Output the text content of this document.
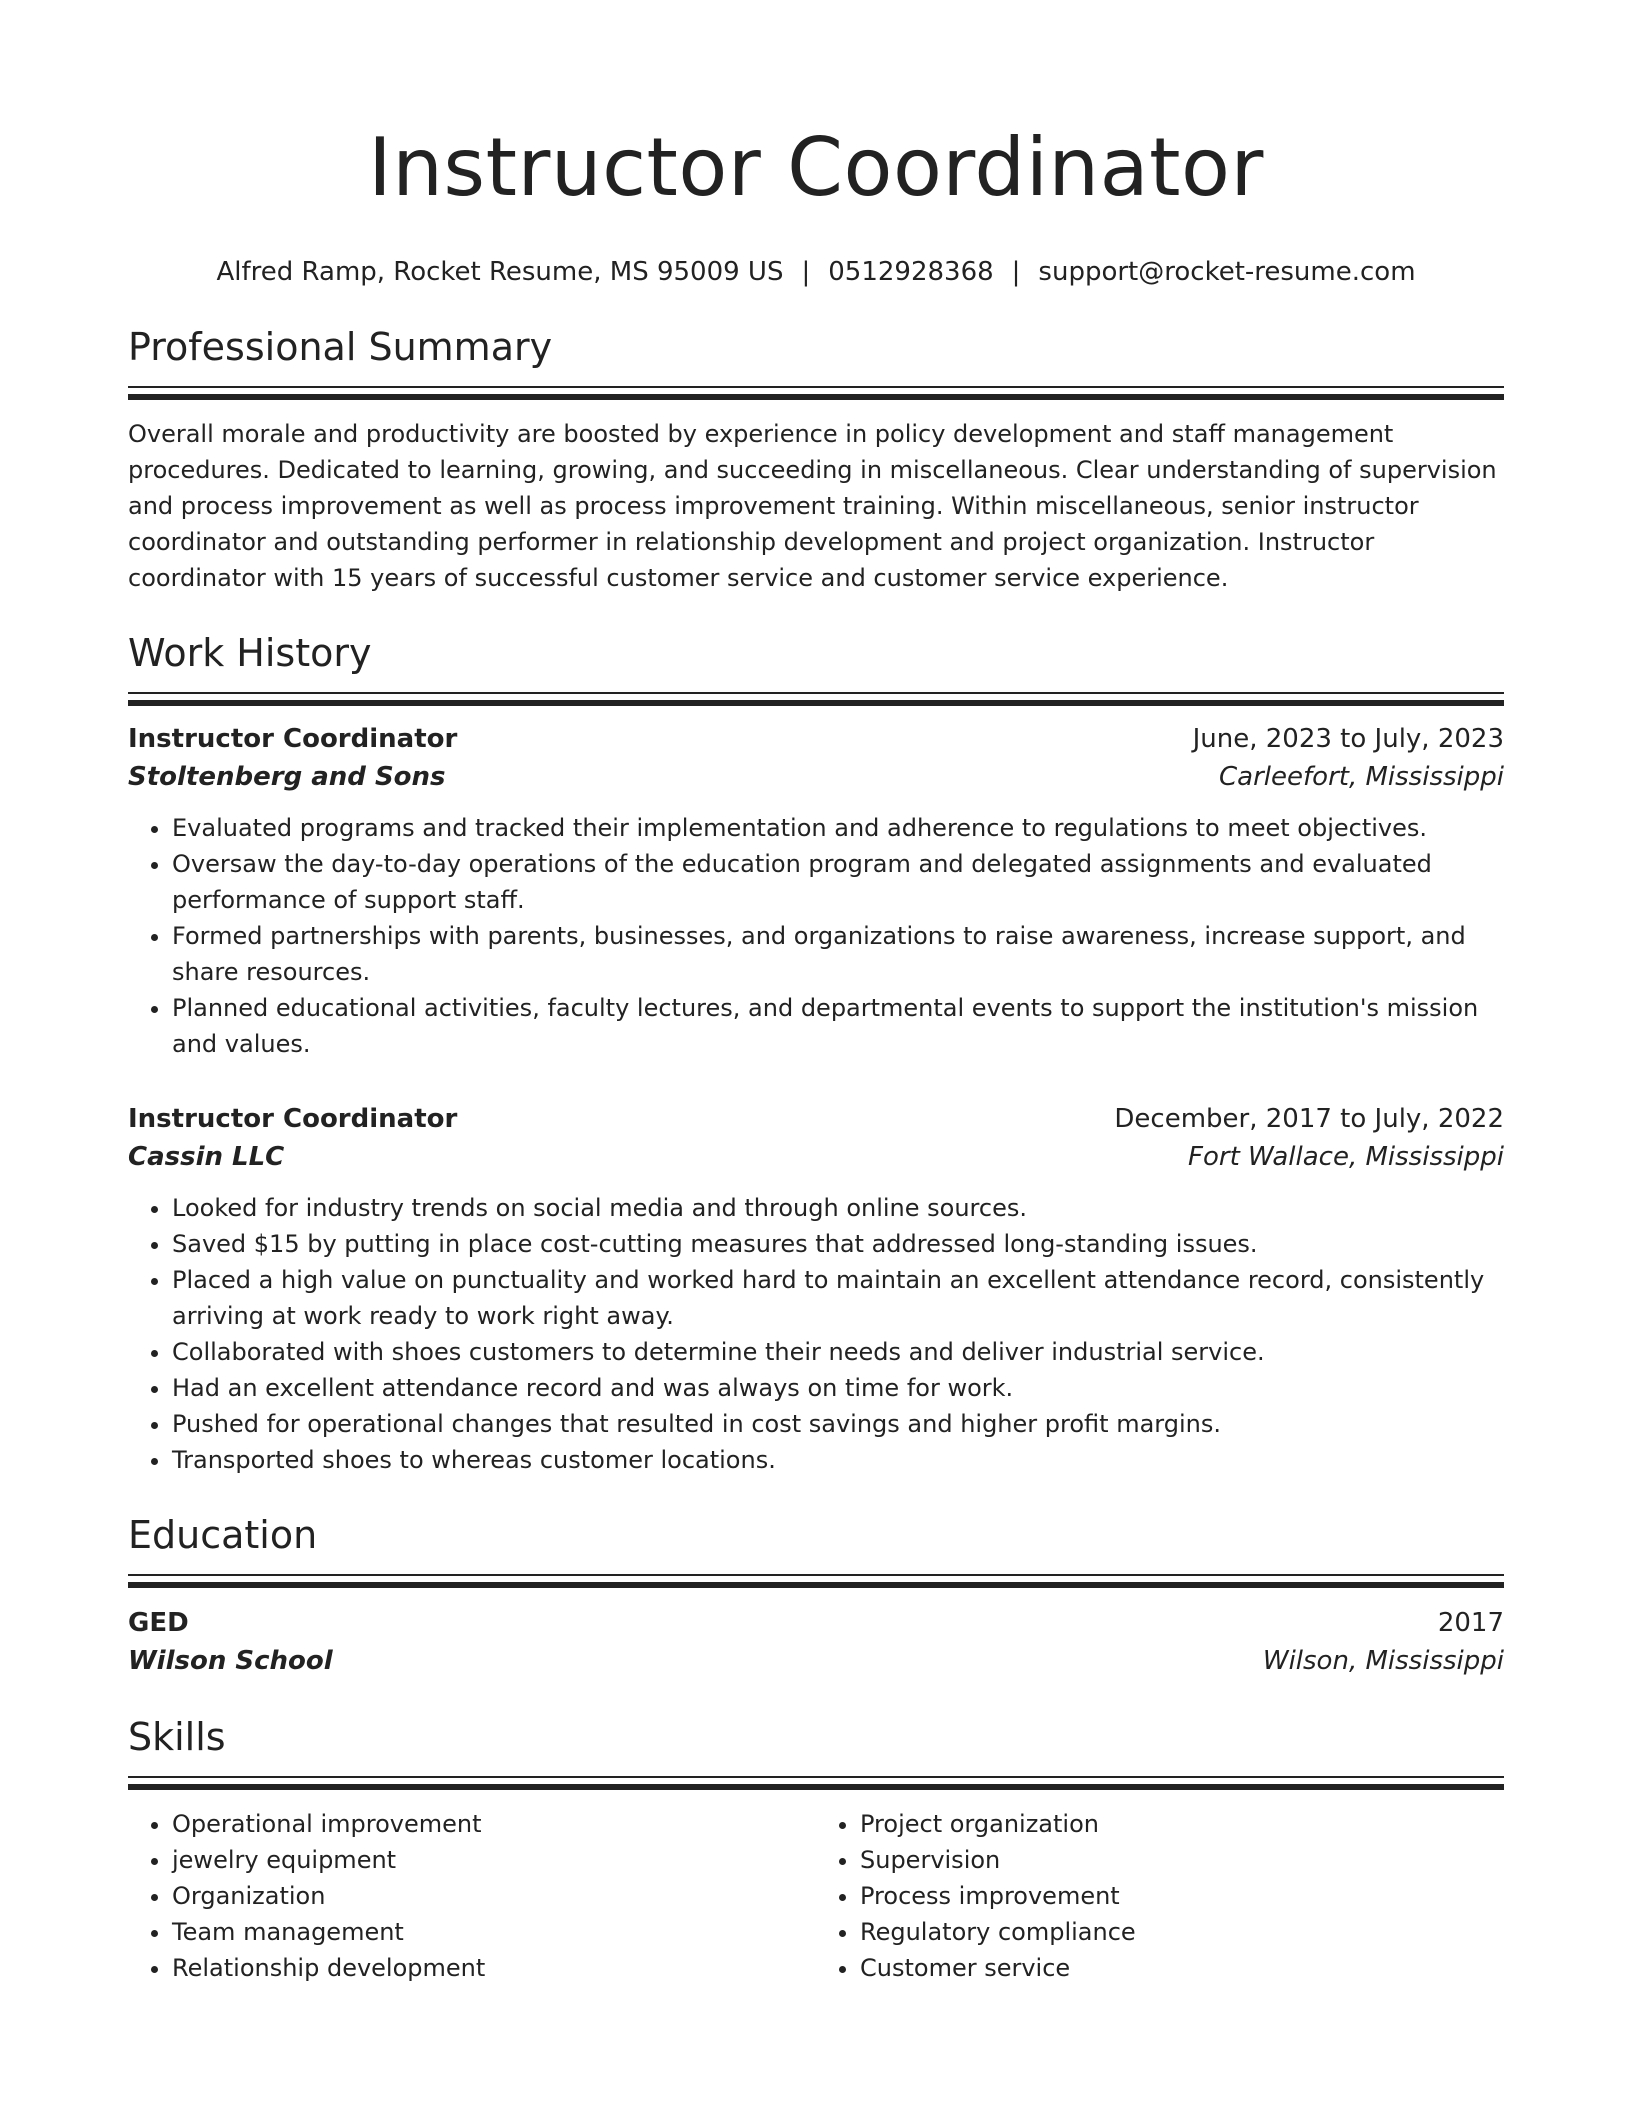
Instructor Coordinator
Alfred Ramp, Rocket Resume, MS 95009 US | 0512928368 | support@rocket-resume.com
Professional Summary
Overall morale and productivity are boosted by experience in policy development and staff management procedures. Dedicated to learning, growing, and succeeding in miscellaneous. Clear understanding of supervision and process improvement as well as process improvement training. Within miscellaneous, senior instructor coordinator and outstanding performer in relationship development and project organization. Instructor coordinator with 15 years of successful customer service and customer service experience.
Work History
Instructor Coordinator	June, 2023 to July, 2023
Stoltenberg and Sons	Carleefort, Mississippi
• Evaluated programs and tracked their implementation and adherence to regulations to meet objectives.
• Oversaw the day-to-day operations of the education program and delegated assignments and evaluated performance of support staff.
• Formed partnerships with parents, businesses, and organizations to raise awareness, increase support, and share resources.
• Planned educational activities, faculty lectures, and departmental events to support the institution's mission and values.
Instructor Coordinator	December, 2017 to July, 2022
Cassin LLC	Fort Wallace, Mississippi
• Looked for industry trends on social media and through online sources.
• Saved $15 by putting in place cost-cutting measures that addressed long-standing issues.
• Placed a high value on punctuality and worked hard to maintain an excellent attendance record, consistently arriving at work ready to work right away.
• Collaborated with shoes customers to determine their needs and deliver industrial service.
• Had an excellent attendance record and was always on time for work.
• Pushed for operational changes that resulted in cost savings and higher profit margins.
• Transported shoes to whereas customer locations.
Education
GED	2017
Wilson School	Wilson, Mississippi
Skills
• Operational improvement
• jewelry equipment
• Organization
• Team management
• Relationship development
• Project organization
• Supervision
• Process improvement
• Regulatory compliance
• Customer service
